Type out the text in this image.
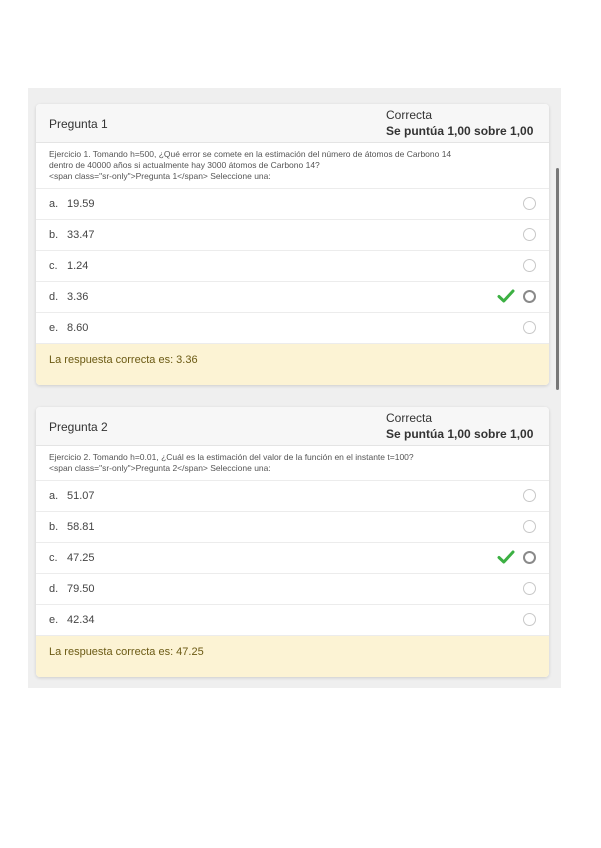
Pregunta 1
Correcta
Se puntúa 1,00 sobre 1,00
Ejercicio 1. Tomando h=500, ¿Qué error se comete en la estimación del número de átomos de Carbono 14
dentro de 40000 años si actualmente hay 3000 átomos de Carbono 14?
<span class="sr-only">Pregunta 1</span> Seleccione una:
a. 19.59
b. 33.47
c. 1.24
d. 3.36
e. 8.60
La respuesta correcta es: 3.36
Pregunta 2
Correcta
Se puntúa 1,00 sobre 1,00
Ejercicio 2. Tomando h=0.01, ¿Cuál es la estimación del valor de la función en el instante t=100?
<span class="sr-only">Pregunta 2</span> Seleccione una:
a. 51.07
b. 58.81
c. 47.25
d. 79.50
e. 42.34
La respuesta correcta es: 47.25
